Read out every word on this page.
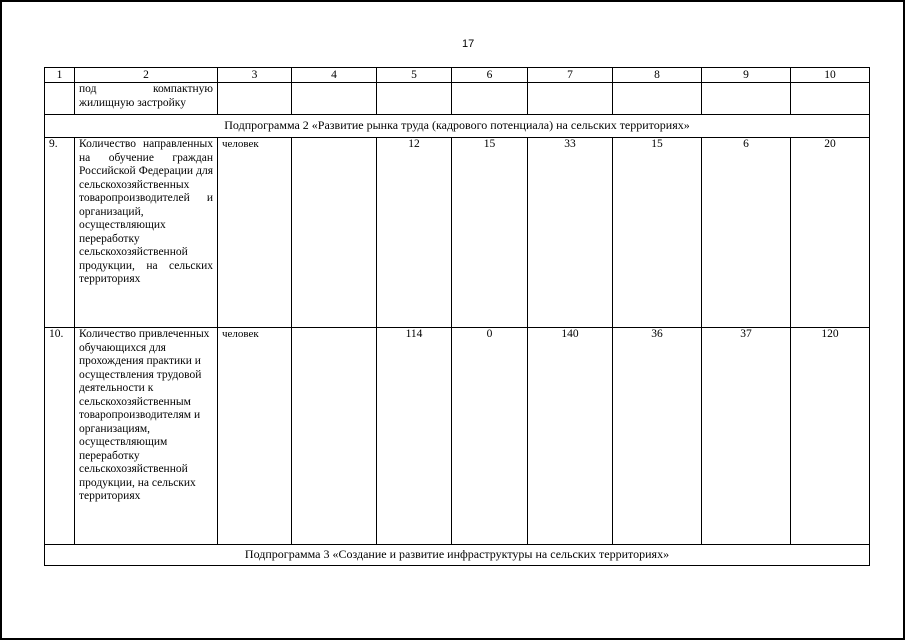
17
1	2	3	4	5	6	7	8	9	10
	под компактную жилищную застройку								
Подпрограмма 2 «Развитие рынка труда (кадрового потенциала) на сельских территориях»									
9.	Количество направленных на обучение граждан Российской Федерации для сельскохозяйственных товаропроизводителей и организаций, осуществляющих переработку сельскохозяйственной продукции, на сельских территориях	человек		12	15	33	15	6	20
10.	Количество привлеченных обучающихся для прохождения практики и осуществления трудовой деятельности к сельскохозяйственным товаропроизводителям и организациям, осуществляющим переработку сельскохозяйственной продукции, на сельских территориях	человек		114	0	140	36	37	120
Подпрограмма 3 «Создание и развитие инфраструктуры на сельских территориях»									
